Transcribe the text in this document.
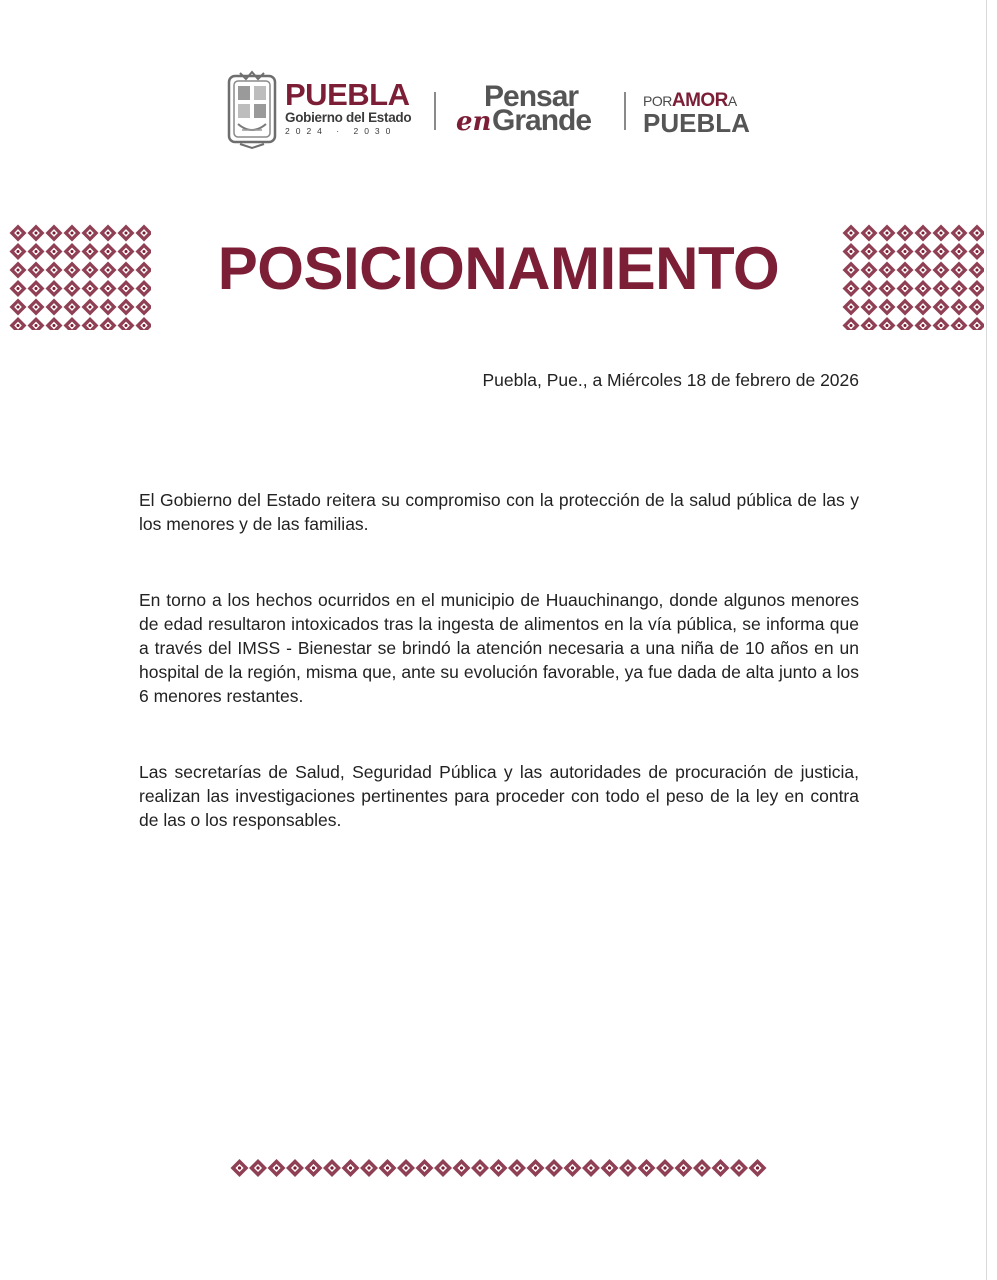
PUEBLA
Gobierno del Estado
2024 · 2030
Pensar
en Grande
PORAMORA
PUEBLA
POSICIONAMIENTO
Puebla, Pue., a Miércoles 18 de febrero de 2026

El Gobierno del Estado reitera su compromiso con la protección de la salud pública de las y los menores y de las familias.

En torno a los hechos ocurridos en el municipio de Huauchinango, donde algunos menores de edad resultaron intoxicados tras la ingesta de alimentos en la vía pública, se informa que a través del IMSS - Bienestar se brindó la atención necesaria a una niña de 10 años en un hospital de la región, misma que, ante su evolución favorable, ya fue dada de alta junto a los 6 menores restantes.

Las secretarías de Salud, Seguridad Pública y las autoridades de procuración de justicia, realizan las investigaciones pertinentes para proceder con todo el peso de la ley en contra de las o los responsables.
